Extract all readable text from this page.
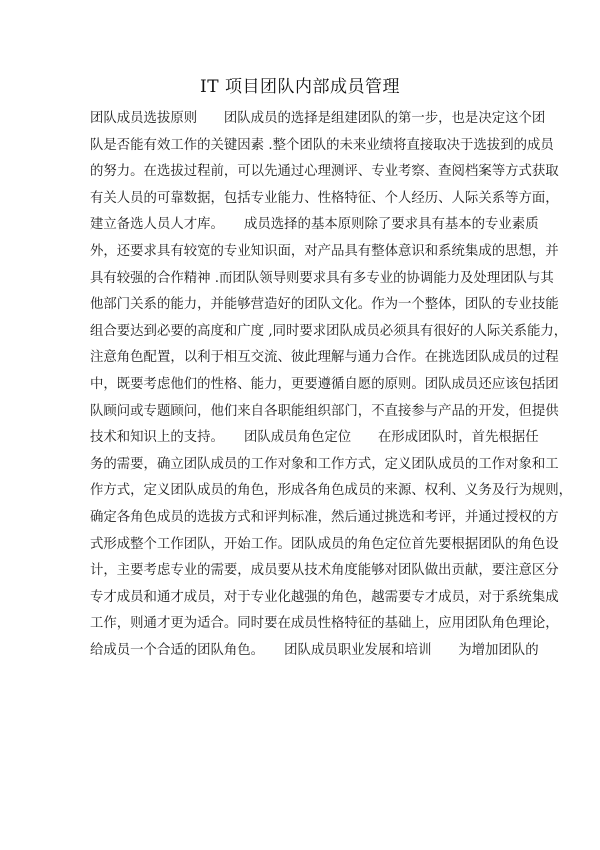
IT 项目团队内部成员管理
团队成员选拔原则　　团队成员的选择是组建团队的第一步，也是决定这个团
队是否能有效工作的关键因素 .整个团队的未来业绩将直接取决于选拔到的成员
的努力。在选拔过程前，可以先通过心理测评、专业考察、查阅档案等方式获取
有关人员的可靠数据，包括专业能力、性格特征、个人经历、人际关系等方面，
建立备选人员人才库。　　成员选择的基本原则除了要求具有基本的专业素质
外，还要求具有较宽的专业知识面，对产品具有整体意识和系统集成的思想，并
具有较强的合作精神 .而团队领导则要求具有多专业的协调能力及处理团队与其
他部门关系的能力，并能够营造好的团队文化。作为一个整体，团队的专业技能
组合要达到必要的高度和广度 ,同时要求团队成员必须具有很好的人际关系能力，
注意角色配置，以利于相互交流、彼此理解与通力合作。在挑选团队成员的过程
中，既要考虑他们的性格、能力，更要遵循自愿的原则。团队成员还应该包括团
队顾问或专题顾问，他们来自各职能组织部门，不直接参与产品的开发，但提供
技术和知识上的支持。　　团队成员角色定位　　在形成团队时，首先根据任
务的需要，确立团队成员的工作对象和工作方式，定义团队成员的工作对象和工
作方式，定义团队成员的角色，形成各角色成员的来源、权利、义务及行为规则，
确定各角色成员的选拔方式和评判标准，然后通过挑选和考评，并通过授权的方
式形成整个工作团队，开始工作。团队成员的角色定位首先要根据团队的角色设
计，主要考虑专业的需要，成员要从技术角度能够对团队做出贡献，要注意区分
专才成员和通才成员，对于专业化越强的角色，越需要专才成员，对于系统集成
工作，则通才更为适合。同时要在成员性格特征的基础上，应用团队角色理论，
给成员一个合适的团队角色。　　团队成员职业发展和培训　　为增加团队的
